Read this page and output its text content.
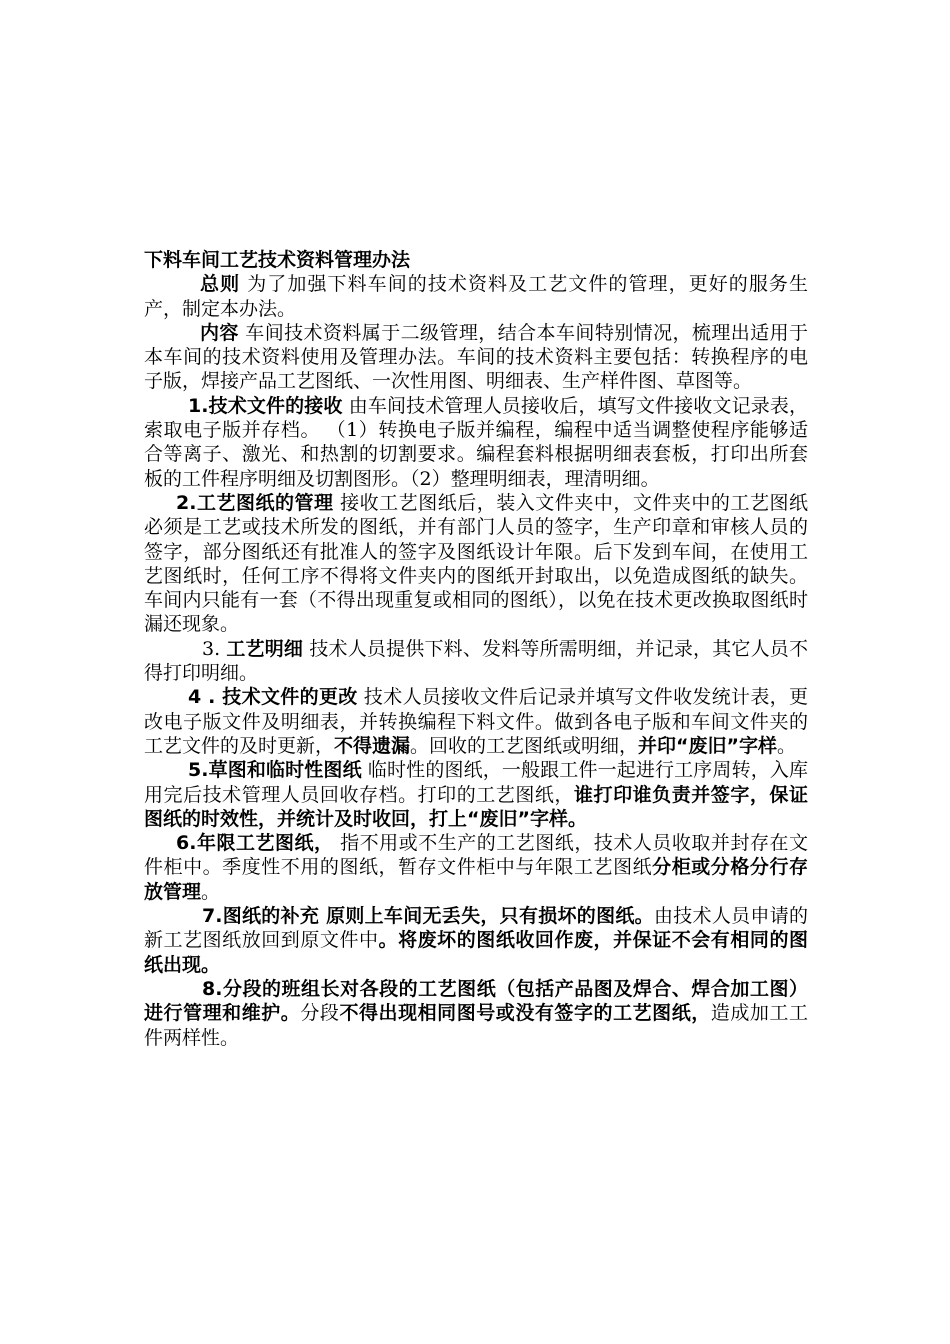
下料车间工艺技术资料管理办法

总则 为了加强下料车间的技术资料及工艺文件的管理，更好的服务生产，制定本办法。

内容 车间技术资料属于二级管理，结合本车间特别情况，梳理出适用于本车间的技术资料使用及管理办法。车间的技术资料主要包括：转换程序的电子版，焊接产品工艺图纸、一次性用图、明细表、生产样件图、草图等。

1.技术文件的接收 由车间技术管理人员接收后，填写文件接收文记录表，索取电子版并存档。 （1）转换电子版并编程，编程中适当调整使程序能够适合等离子、激光、和热割的切割要求。编程套料根据明细表套板，打印出所套板的工件程序明细及切割图形。（2）整理明细表，理清明细。

2.工艺图纸的管理 接收工艺图纸后，装入文件夹中，文件夹中的工艺图纸必须是工艺或技术所发的图纸，并有部门人员的签字，生产印章和审核人员的签字，部分图纸还有批准人的签字及图纸设计年限。后下发到车间，在使用工艺图纸时，任何工序不得将文件夹内的图纸开封取出，以免造成图纸的缺失。车间内只能有一套（不得出现重复或相同的图纸），以免在技术更改换取图纸时漏还现象。

3. 工艺明细 技术人员提供下料、发料等所需明细，并记录，其它人员不得打印明细。

4 . 技术文件的更改 技术人员接收文件后记录并填写文件收发统计表，更改电子版文件及明细表，并转换编程下料文件。做到各电子版和车间文件夹的工艺文件的及时更新，不得遗漏。回收的工艺图纸或明细，并印“废旧”字样。

5.草图和临时性图纸 临时性的图纸，一般跟工件一起进行工序周转，入库用完后技术管理人员回收存档。打印的工艺图纸，谁打印谁负责并签字，保证图纸的时效性，并统计及时收回，打上“废旧”字样。

6.年限工艺图纸， 指不用或不生产的工艺图纸，技术人员收取并封存在文件柜中。季度性不用的图纸，暂存文件柜中与年限工艺图纸分柜或分格分行存放管理。

7.图纸的补充 原则上车间无丢失，只有损坏的图纸。由技术人员申请的新工艺图纸放回到原文件中。将废坏的图纸收回作废，并保证不会有相同的图纸出现。

8.分段的班组长对各段的工艺图纸（包括产品图及焊合、焊合加工图）进行管理和维护。分段不得出现相同图号或没有签字的工艺图纸，造成加工工件两样性。
